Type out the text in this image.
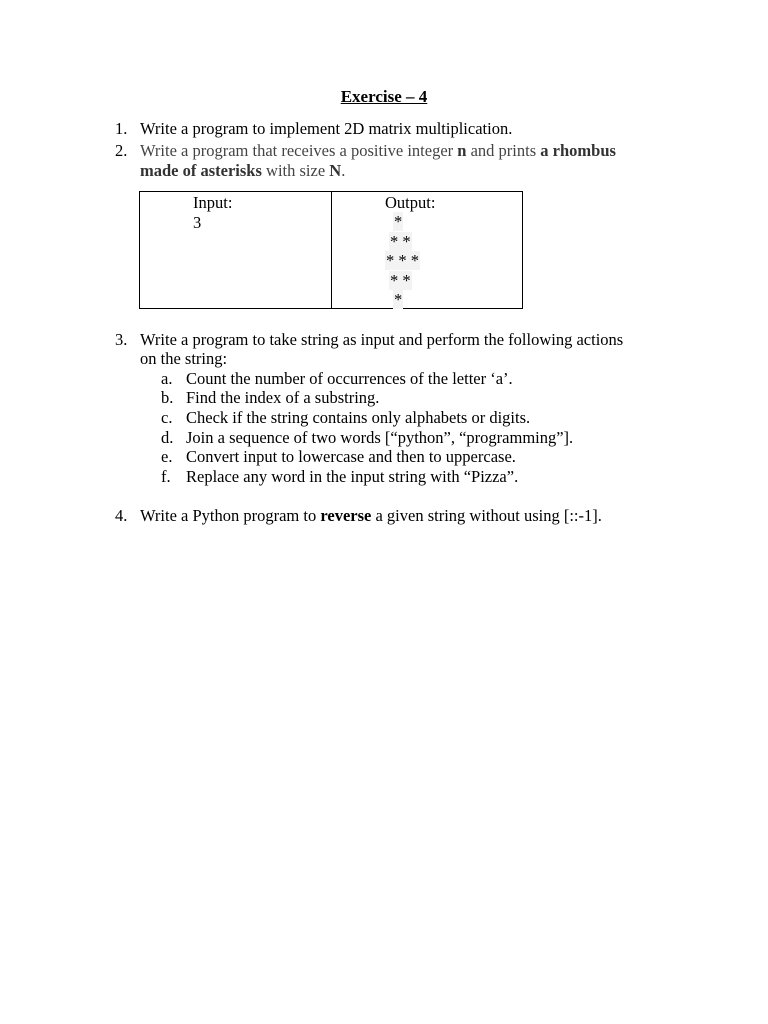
Exercise – 4
1. Write a program to implement 2D matrix multiplication.
2. Write a program that receives a positive integer n and prints a rhombus
made of asterisks with size N.
Input:
3
Output:
*
* *
* * *
* *
*
3. Write a program to take string as input and perform the following actions
on the string:
a. Count the number of occurrences of the letter ‘a’.
b. Find the index of a substring.
c. Check if the string contains only alphabets or digits.
d. Join a sequence of two words [“python”, “programming”].
e. Convert input to lowercase and then to uppercase.
f. Replace any word in the input string with “Pizza”.
4. Write a Python program to reverse a given string without using [::-1].
